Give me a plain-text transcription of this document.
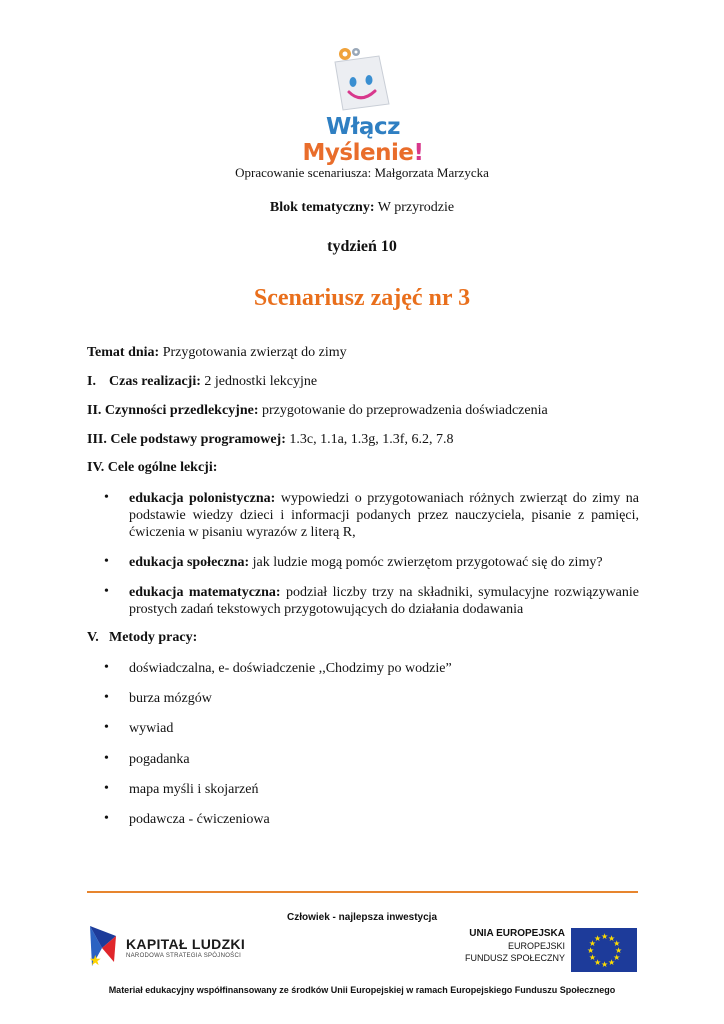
Włącz Myślenie!
Opracowanie scenariusza: Małgorzata Marzycka
Blok tematyczny: W przyrodzie
tydzień 10
Scenariusz zajęć nr 3
Temat dnia: Przygotowania zwierząt do zimy
I. Czas realizacji: 2 jednostki lekcyjne
II. Czynności przedlekcyjne: przygotowanie do przeprowadzenia doświadczenia
III. Cele podstawy programowej: 1.3c, 1.1a, 1.3g, 1.3f, 6.2, 7.8
IV. Cele ogólne lekcji:
• edukacja polonistyczna: wypowiedzi o przygotowaniach różnych zwierząt do zimy na podstawie wiedzy dzieci i informacji podanych przez nauczyciela, pisanie z pamięci, ćwiczenia w pisaniu wyrazów z literą R,
• edukacja społeczna: jak ludzie mogą pomóc zwierzętom przygotować się do zimy?
• edukacja matematyczna: podział liczby trzy na składniki, symulacyjne rozwiązywanie prostych zadań tekstowych przygotowujących do działania dodawania
V. Metody pracy:
• doświadczalna, e- doświadczenie ,,Chodzimy po wodzie”
• burza mózgów
• wywiad
• pogadanka
• mapa myśli i skojarzeń
• podawcza - ćwiczeniowa
Człowiek - najlepsza inwestycja
★
KAPITAŁ LUDZKI
NARODOWA STRATEGIA SPÓJNOŚCI
UNIA EUROPEJSKA
EUROPEJSKI
FUNDUSZ SPOŁECZNY
★
★
★
★
★
★
★
★
★ ★ ★
★
Materiał edukacyjny współfinansowany ze środków Unii Europejskiej w ramach Europejskiego Funduszu Społecznego
